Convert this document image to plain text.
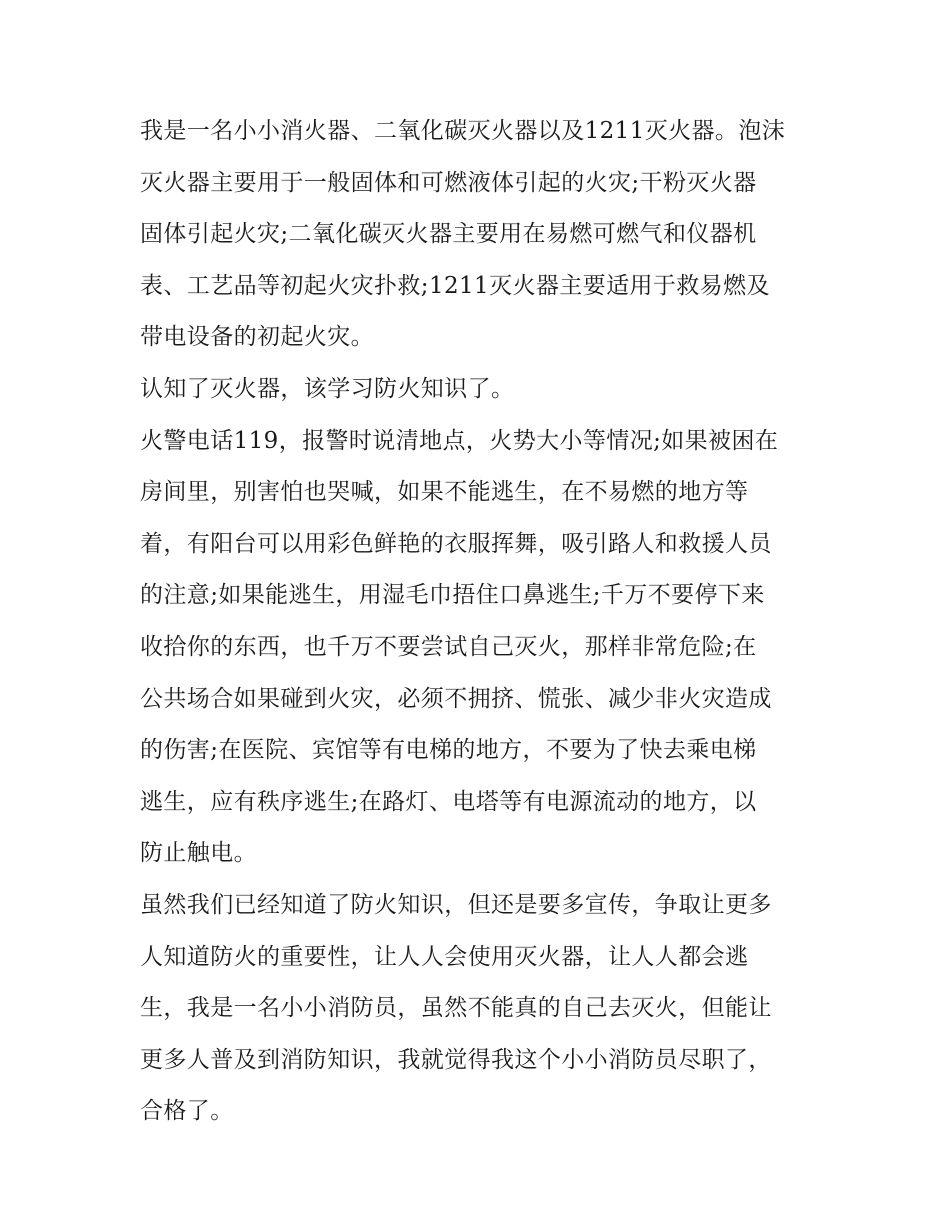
我是一名小小消火器、二氧化碳灭火器以及1211灭火器。泡沫
灭火器主要用于一般固体和可燃液体引起的火灾;干粉灭火器
固体引起火灾;二氧化碳灭火器主要用在易燃可燃气和仪器机
表、工艺品等初起火灾扑救;1211灭火器主要适用于救易燃及
带电设备的初起火灾。

认知了灭火器，该学习防火知识了。

火警电话119，报警时说清地点，火势大小等情况;如果被困在
房间里，别害怕也哭喊，如果不能逃生，在不易燃的地方等
着，有阳台可以用彩色鲜艳的衣服挥舞，吸引路人和救援人员
的注意;如果能逃生，用湿毛巾捂住口鼻逃生;千万不要停下来
收拾你的东西，也千万不要尝试自己灭火，那样非常危险;在
公共场合如果碰到火灾，必须不拥挤、慌张、减少非火灾造成
的伤害;在医院、宾馆等有电梯的地方，不要为了快去乘电梯
逃生，应有秩序逃生;在路灯、电塔等有电源流动的地方，以
防止触电。

虽然我们已经知道了防火知识，但还是要多宣传，争取让更多
人知道防火的重要性，让人人会使用灭火器，让人人都会逃
生，我是一名小小消防员，虽然不能真的自己去灭火，但能让
更多人普及到消防知识，我就觉得我这个小小消防员尽职了，
合格了。
